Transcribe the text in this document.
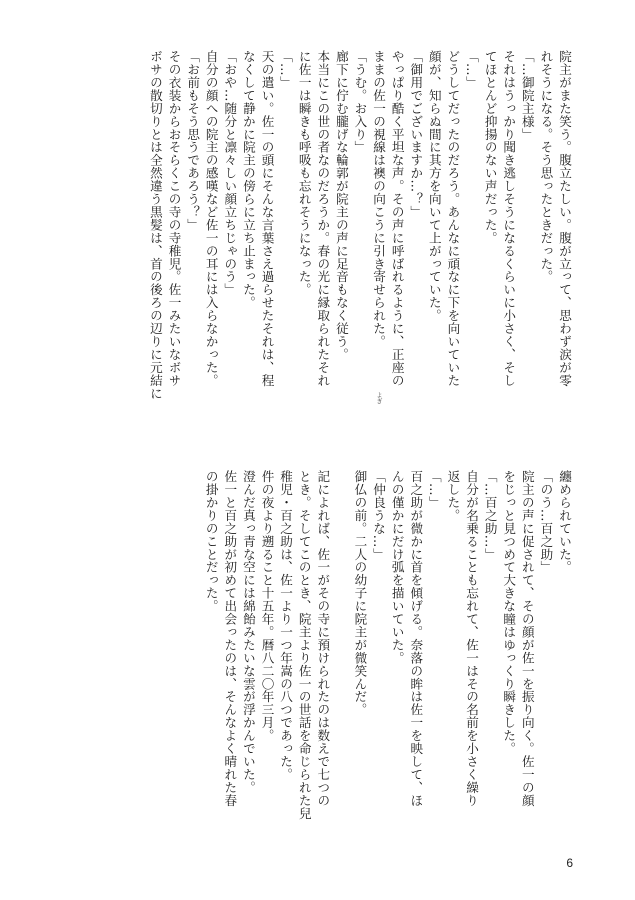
院主がまた笑う。腹立たしい。腹が立って、思わず涙が零

れそうになる。そう思ったときだった。

「…御院主様」

それはうっかり聞き逃しそうになるくらいに小さく、そし

てほとんど抑揚のない声だった。

「…」

どうしてだったのだろう。あんなに頑なに下を向いていた

顔が、知らぬ間に其方を向いて上がっていた。

「御用でございますか…？」

やっぱり酷く平坦な声。その声に呼ばれるように、正座の

ままの佐一の視線は襖の向こうに引き寄せられた。

「うむ。お入り」

廊下に佇む朧げな輪郭が院主の声に足音もなく従う。

本当にこの世の者なのだろうか。春の光に縁取られたそれ

に佐一は瞬きも呼吸も忘れそうになった。

「…」

天の遣い。佐一の頭にそんな言葉さえ過らせたそれは、程

なくして静かに院主の傍らに立ち止まった。

「おや…随分と凛々しい顔立ちじゃのう」

自分の顔への院主の感嘆など佐一の耳には入らなかった。

「お前もそう思うであろう？」

その衣装からおそらくこの寺の寺稚児。佐一みたいなボサ

ボサの散切りとは全然違う黒髪は、首の後ろの辺りに元結に

纏められていた。

「のう…百之助」

院主の声に促されて、その顔が佐一を振り向く。佐一の顔

をじっと見つめて大きな瞳はゆっくり瞬きした。

「…百之助…」

自分が名乗ることも忘れて、佐一はその名前を小さく繰り

返した。

「…」

百之助が微かに首を傾げる。奈落の眸は佐一を映して、ほ

んの僅かにだけ弧を描いていた。

「仲良うな…」

御仏の前。二人の幼子に院主が微笑んだ。

記によれば、佐一がその寺に預けられたのは数えで七つの

とき。そしてこのとき、院主より佐一の世話を命じられた兒

稚児・百之助は、佐一より一つ年嵩の八つであった。

件の夜より遡ること十五年。暦八二〇年三月。

澄んだ真っ青な空には綿飴みたいな雲が浮かんでいた。

佐一と百之助が初めて出会ったのは、そんなよく晴れた春

の掛かりのことだった。

よぎ
6
